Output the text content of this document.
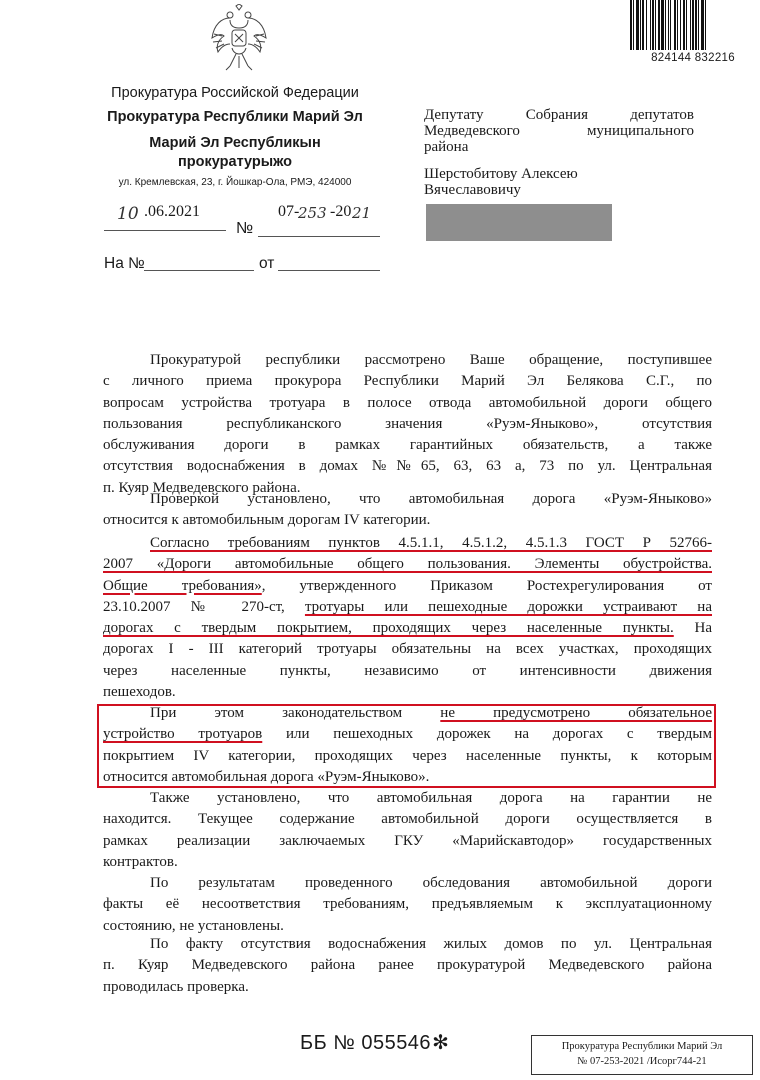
824144 832216
Прокуратура Российской Федерации
Прокуратура Республики Марий Эл
Марий Эл Республикын прокуратурыжо
ул. Кремлевская, 23, г. Йошкар-Ола, РМЭ, 424000
10 .06.2021
№
07-
253 -20 21
На №	от
Депутату	Собрания	депутатов
Медведевского	муниципального
района
Шерстобитову Алексею
Вячеславовичу
Прокуратурой республики рассмотрено Ваше обращение, поступившее
с личного приема прокурора Республики Марий Эл Белякова С.Г., по
вопросам устройства тротуара в полосе отвода автомобильной дороги общего
пользования республиканского значения «Руэм-Яныково», отсутствия
обслуживания дороги в рамках гарантийных обязательств, а также
отсутствия водоснабжения в домах №№65, 63, 63 а, 73 по ул. Центральная
п. Куяр Медведевского района.
Проверкой установлено, что автомобильная дорога «Руэм-Яныково»
относится к автомобильным дорогам IV категории.
Согласно требованиям пунктов 4.5.1.1, 4.5.1.2, 4.5.1.3 ГОСТ Р 52766-
2007 «Дороги автомобильные общего пользования. Элементы обустройства.
Общие требования», утвержденного Приказом Ростехрегулирования от
23.10.2007 № 270-ст, тротуары или пешеходные дорожки устраивают на
дорогах с твердым покрытием, проходящих через населенные пункты. На
дорогах I - III категорий тротуары обязательны на всех участках, проходящих
через населенные пункты, независимо от интенсивности движения
пешеходов.
При этом законодательством не предусмотрено обязательное
устройство тротуаров или пешеходных дорожек на дорогах с твердым
покрытием IV категории, проходящих через населенные пункты, к которым
относится автомобильная дорога «Руэм-Яныково».
Также установлено, что автомобильная дорога на гарантии не
находится. Текущее содержание автомобильной дороги осуществляется в
рамках реализации заключаемых ГКУ «Марийскавтодор» государственных
контрактов.
По результатам проведенного обследования автомобильной дороги
факты её несоответствия требованиям, предъявляемым к эксплуатационному
состоянию, не установлены.
По факту отсутствия водоснабжения жилых домов по ул. Центральная
п. Куяр Медведевского района ранее прокуратурой Медведевского района
проводилась проверка.
ББ № 055546✻	Прокуратура Республики Марий Эл
№ 07-253-2021 /Исорг744-21
